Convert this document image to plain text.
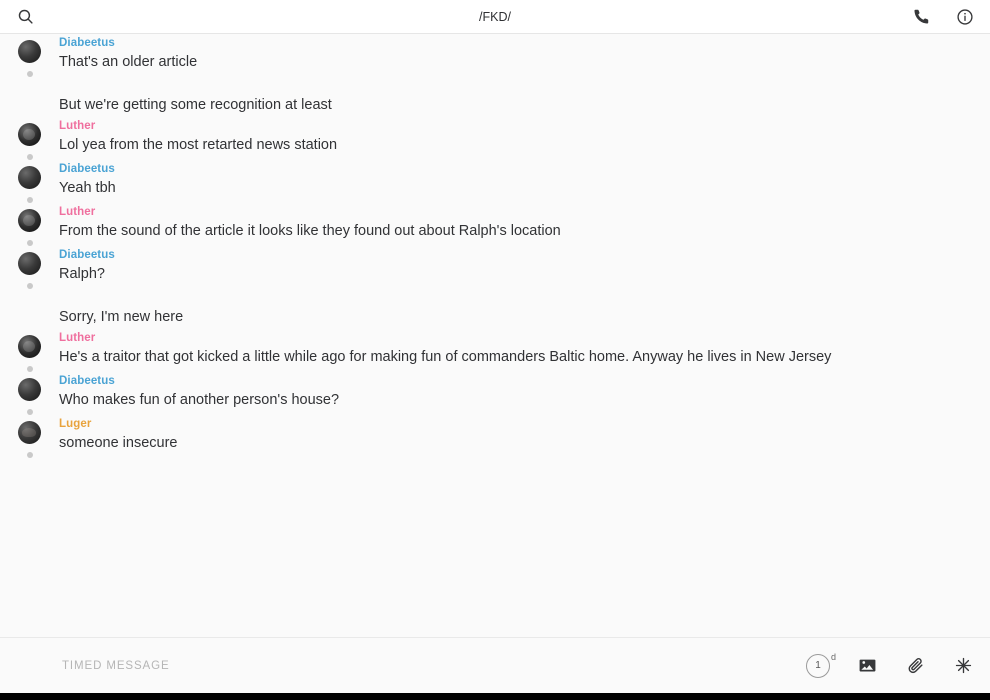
/FKD/
Diabeetus
That's an older article
But we're getting some recognition at least
Luther
Lol yea from the most retarted news station
Diabeetus
Yeah tbh
Luther
From the sound of the article it looks like they found out about Ralph's location
Diabeetus
Ralph?
Sorry, I'm new here
Luther
He's a traitor that got kicked a little while ago for making fun of commanders Baltic home. Anyway he lives in New Jersey
Diabeetus
Who makes fun of another person's house?
Luger
someone insecure
TIMED MESSAGE	1
d
